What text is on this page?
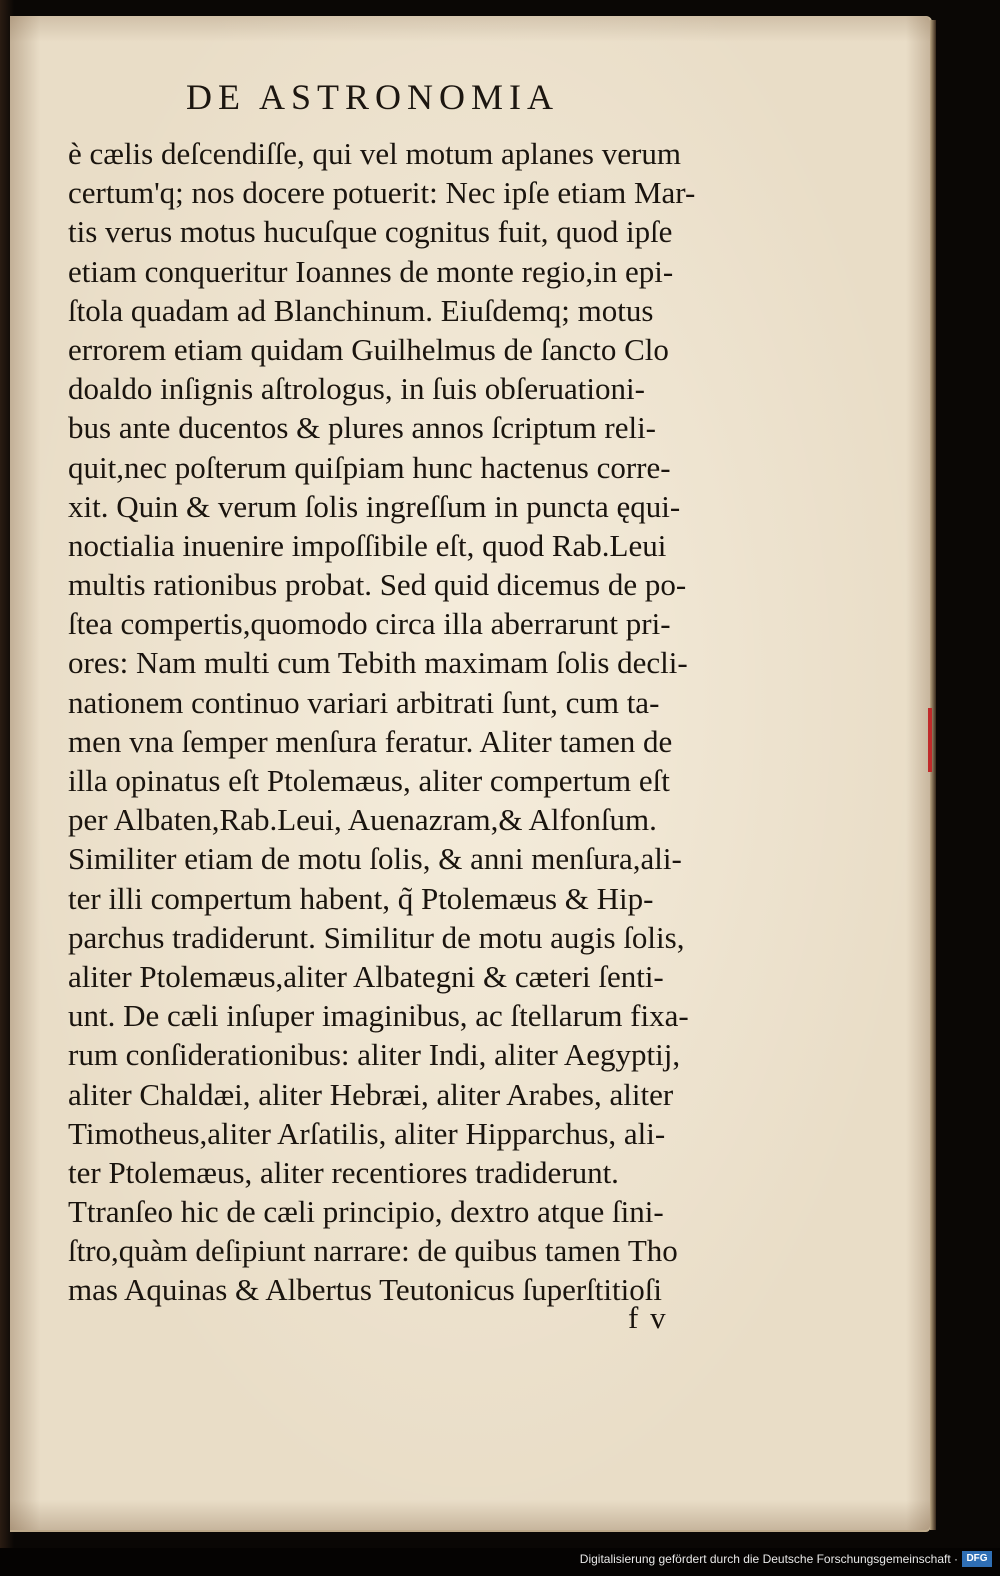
DE ASTRONOMIA
è cælis deſcendiſſe, qui vel motum aplanes verum
certum'q; nos docere potuerit: Nec ipſe etiam Mar-
tis verus motus hucuſque cognitus fuit, quod ipſe
etiam conqueritur Ioannes de monte regio,in epi-
ſtola quadam ad Blanchinum. Eiuſdemq; motus
errorem etiam quidam Guilhelmus de ſancto Clo
doaldo inſignis aſtrologus, in ſuis obſeruationi-
bus ante ducentos & plures annos ſcriptum reli-
quit,nec poſterum quiſpiam hunc hactenus corre-
xit. Quin & verum ſolis ingreſſum in puncta ęqui-
noctialia inuenire impoſſibile eſt, quod Rab.Leui
multis rationibus probat. Sed quid dicemus de po-
ſtea compertis,quomodo circa illa aberrarunt pri-
ores: Nam multi cum Tebith maximam ſolis decli-
nationem continuo variari arbitrati ſunt, cum ta-
men vna ſemper menſura feratur. Aliter tamen de
illa opinatus eſt Ptolemæus, aliter compertum eſt
per Albaten,Rab.Leui, Auenazram,& Alfonſum.
Similiter etiam de motu ſolis, & anni menſura,ali-
ter illi compertum habent, q̃ Ptolemæus & Hip-
parchus tradiderunt. Similitur de motu augis ſolis,
aliter Ptolemæus,aliter Albategni & cæteri ſenti-
unt. De cæli inſuper imaginibus, ac ſtellarum fixa-
rum conſiderationibus: aliter Indi, aliter Aegyptij,
aliter Chaldæi, aliter Hebræi, aliter Arabes, aliter
Timotheus,aliter Arſatilis, aliter Hipparchus, ali-
ter Ptolemæus, aliter recentiores tradiderunt.
Ttranſeo hic de cæli principio, dextro atque ſini-
ſtro,quàm deſipiunt narrare: de quibus tamen Tho
mas Aquinas & Albertus Teutonicus ſuperſtitioſi
f v
Digitalisierung gefördert durch die Deutsche Forschungsgemeinschaft · DFG
